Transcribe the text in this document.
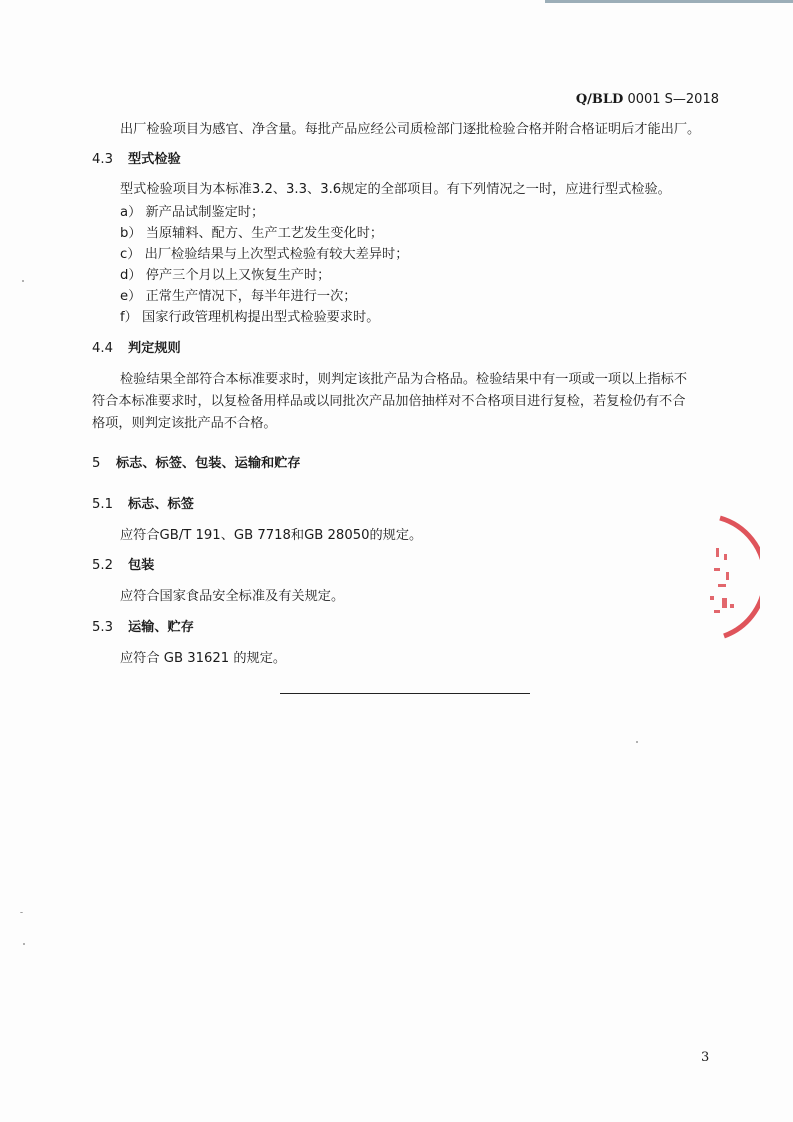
Q/BLD 0001 S—2018
出厂检验项目为感官、净含量。每批产品应经公司质检部门逐批检验合格并附合格证明后才能出厂。
4.3 型式检验
型式检验项目为本标准3.2、3.3、3.6规定的全部项目。有下列情况之一时，应进行型式检验。
a） 新产品试制鉴定时；
b） 当原辅料、配方、生产工艺发生变化时；
c） 出厂检验结果与上次型式检验有较大差异时；
d） 停产三个月以上又恢复生产时；
e） 正常生产情况下，每半年进行一次；
f） 国家行政管理机构提出型式检验要求时。
4.4 判定规则
检验结果全部符合本标准要求时，则判定该批产品为合格品。检验结果中有一项或一项以上指标不
符合本标准要求时，以复检备用样品或以同批次产品加倍抽样对不合格项目进行复检，若复检仍有不合
格项，则判定该批产品不合格。
5 标志、标签、包装、运输和贮存
5.1 标志、标签
应符合GB/T 191、GB 7718和GB 28050的规定。
5.2 包装
应符合国家食品安全标准及有关规定。
5.3 运输、贮存
应符合 GB 31621 的规定。
3
